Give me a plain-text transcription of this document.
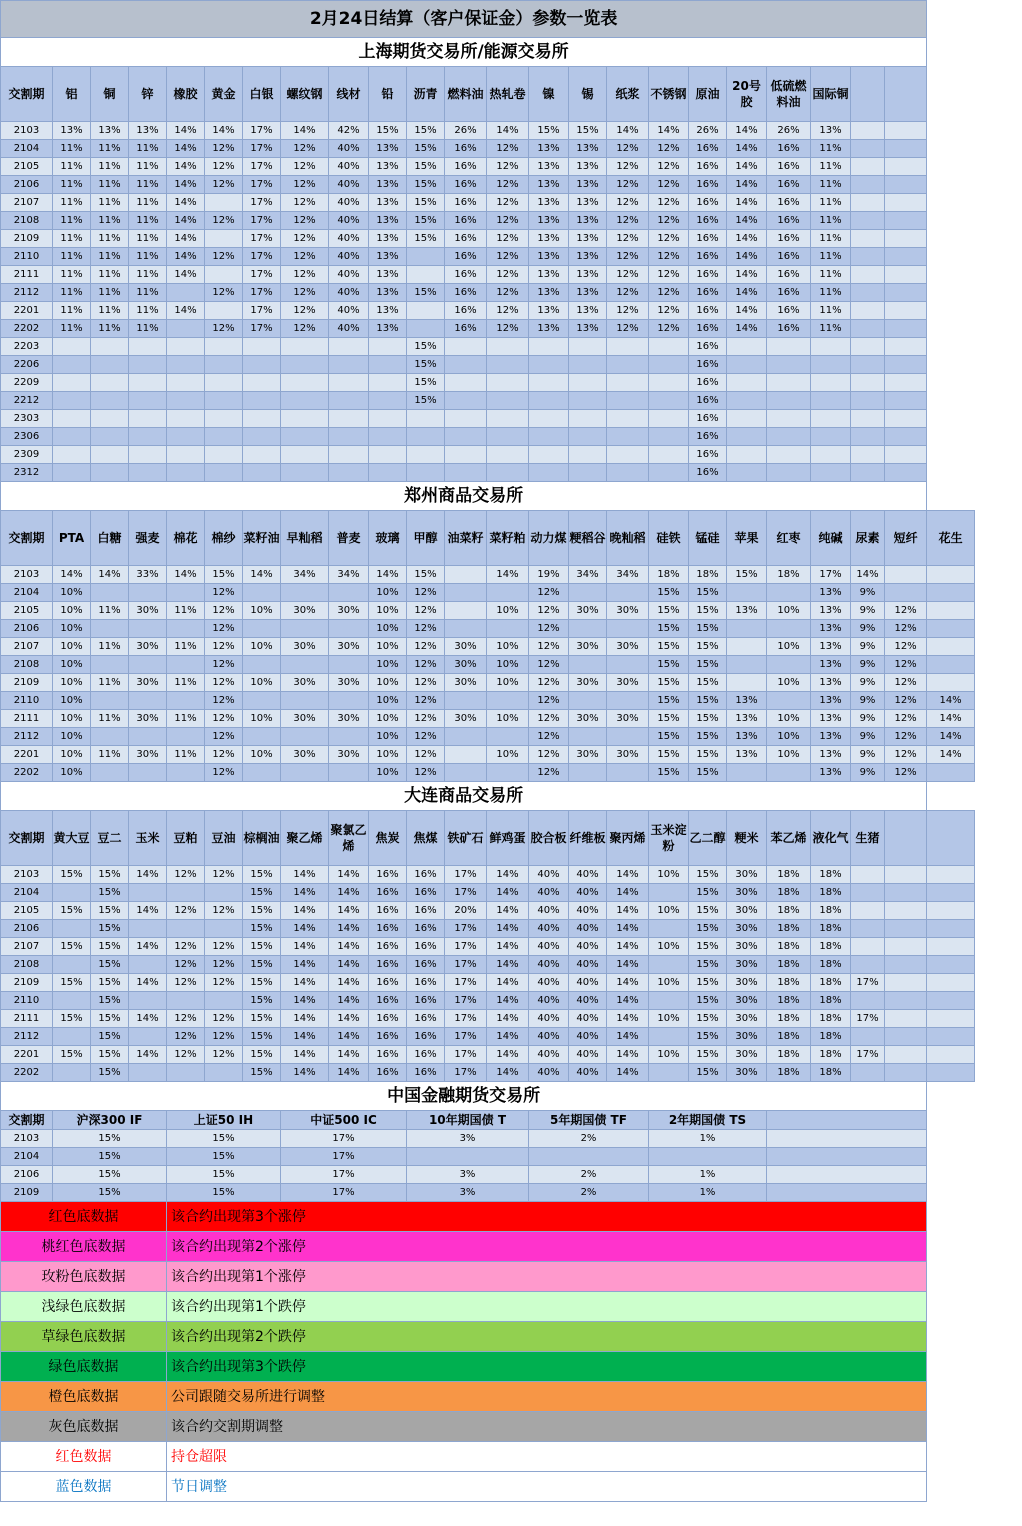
2月24日结算（客户保证金）参数一览表																							
上海期货交易所/能源交易所																							
交割期	铝	铜	锌	橡胶	黄金	白银	螺纹钢	线材	铅	沥青	燃料油	热轧卷	镍	锡	纸浆	不锈钢	原油	20号胶	低硫燃料油	国际铜			
2103	13%	13%	13%	14%	14%	17%	14%	42%	15%	15%	26%	14%	15%	15%	14%	14%	26%	14%	26%	13%			
2104	11%	11%	11%	14%	12%	17%	12%	40%	13%	15%	16%	12%	13%	13%	12%	12%	16%	14%	16%	11%			
2105	11%	11%	11%	14%	12%	17%	12%	40%	13%	15%	16%	12%	13%	13%	12%	12%	16%	14%	16%	11%			
2106	11%	11%	11%	14%	12%	17%	12%	40%	13%	15%	16%	12%	13%	13%	12%	12%	16%	14%	16%	11%			
2107	11%	11%	11%	14%		17%	12%	40%	13%	15%	16%	12%	13%	13%	12%	12%	16%	14%	16%	11%			
2108	11%	11%	11%	14%	12%	17%	12%	40%	13%	15%	16%	12%	13%	13%	12%	12%	16%	14%	16%	11%			
2109	11%	11%	11%	14%		17%	12%	40%	13%	15%	16%	12%	13%	13%	12%	12%	16%	14%	16%	11%			
2110	11%	11%	11%	14%	12%	17%	12%	40%	13%		16%	12%	13%	13%	12%	12%	16%	14%	16%	11%			
2111	11%	11%	11%	14%		17%	12%	40%	13%		16%	12%	13%	13%	12%	12%	16%	14%	16%	11%			
2112	11%	11%	11%		12%	17%	12%	40%	13%	15%	16%	12%	13%	13%	12%	12%	16%	14%	16%	11%			
2201	11%	11%	11%	14%		17%	12%	40%	13%		16%	12%	13%	13%	12%	12%	16%	14%	16%	11%			
2202	11%	11%	11%		12%	17%	12%	40%	13%		16%	12%	13%	13%	12%	12%	16%	14%	16%	11%			
2203										15%							16%						
2206										15%							16%						
2209										15%							16%						
2212										15%							16%						
2303																	16%						
2306																	16%						
2309																	16%						
2312																	16%						
郑州商品交易所																							
交割期	PTA	白糖	强麦	棉花	棉纱	菜籽油	早籼稻	普麦	玻璃	甲醇	油菜籽	菜籽粕	动力煤	粳稻谷	晚籼稻	硅铁	锰硅	苹果	红枣	纯碱	尿素	短纤	花生
2103	14%	14%	33%	14%	15%	14%	34%	34%	14%	15%		14%	19%	34%	34%	18%	18%	15%	18%	17%	14%		
2104	10%				12%				10%	12%			12%			15%	15%			13%	9%		
2105	10%	11%	30%	11%	12%	10%	30%	30%	10%	12%		10%	12%	30%	30%	15%	15%	13%	10%	13%	9%	12%	
2106	10%				12%				10%	12%			12%			15%	15%			13%	9%	12%	
2107	10%	11%	30%	11%	12%	10%	30%	30%	10%	12%	30%	10%	12%	30%	30%	15%	15%		10%	13%	9%	12%	
2108	10%				12%				10%	12%	30%	10%	12%			15%	15%			13%	9%	12%	
2109	10%	11%	30%	11%	12%	10%	30%	30%	10%	12%	30%	10%	12%	30%	30%	15%	15%		10%	13%	9%	12%	
2110	10%				12%				10%	12%			12%			15%	15%	13%		13%	9%	12%	14%
2111	10%	11%	30%	11%	12%	10%	30%	30%	10%	12%	30%	10%	12%	30%	30%	15%	15%	13%	10%	13%	9%	12%	14%
2112	10%				12%				10%	12%			12%			15%	15%	13%	10%	13%	9%	12%	14%
2201	10%	11%	30%	11%	12%	10%	30%	30%	10%	12%		10%	12%	30%	30%	15%	15%	13%	10%	13%	9%	12%	14%
2202	10%				12%				10%	12%			12%			15%	15%			13%	9%	12%	
大连商品交易所																							
交割期	黄大豆	豆二	玉米	豆粕	豆油	棕榈油	聚乙烯	聚氯乙烯	焦炭	焦煤	铁矿石	鲜鸡蛋	胶合板	纤维板	聚丙烯	玉米淀粉	乙二醇	粳米	苯乙烯	液化气	生猪		
2103	15%	15%	14%	12%	12%	15%	14%	14%	16%	16%	17%	14%	40%	40%	14%	10%	15%	30%	18%	18%			
2104		15%				15%	14%	14%	16%	16%	17%	14%	40%	40%	14%		15%	30%	18%	18%			
2105	15%	15%	14%	12%	12%	15%	14%	14%	16%	16%	20%	14%	40%	40%	14%	10%	15%	30%	18%	18%			
2106		15%				15%	14%	14%	16%	16%	17%	14%	40%	40%	14%		15%	30%	18%	18%			
2107	15%	15%	14%	12%	12%	15%	14%	14%	16%	16%	17%	14%	40%	40%	14%	10%	15%	30%	18%	18%			
2108		15%		12%	12%	15%	14%	14%	16%	16%	17%	14%	40%	40%	14%		15%	30%	18%	18%			
2109	15%	15%	14%	12%	12%	15%	14%	14%	16%	16%	17%	14%	40%	40%	14%	10%	15%	30%	18%	18%	17%		
2110		15%				15%	14%	14%	16%	16%	17%	14%	40%	40%	14%		15%	30%	18%	18%			
2111	15%	15%	14%	12%	12%	15%	14%	14%	16%	16%	17%	14%	40%	40%	14%	10%	15%	30%	18%	18%	17%		
2112		15%		12%	12%	15%	14%	14%	16%	16%	17%	14%	40%	40%	14%		15%	30%	18%	18%			
2201	15%	15%	14%	12%	12%	15%	14%	14%	16%	16%	17%	14%	40%	40%	14%	10%	15%	30%	18%	18%	17%		
2202		15%				15%	14%	14%	16%	16%	17%	14%	40%	40%	14%		15%	30%	18%	18%			
中国金融期货交易所																							
交割期	沪深300 IF			上证50 IH			中证500 IC			10年期国债 T			5年期国债 TF			2年期国债 TS							
2103	15%			15%			17%			3%			2%			1%							
2104	15%			15%			17%																
2106	15%			15%			17%			3%			2%			1%							
2109	15%			15%			17%			3%			2%			1%							
红色底数据				该合约出现第3个涨停																			
桃红色底数据				该合约出现第2个涨停																			
玫粉色底数据				该合约出现第1个涨停																			
浅绿色底数据				该合约出现第1个跌停																			
草绿色底数据				该合约出现第2个跌停																			
绿色底数据				该合约出现第3个跌停																			
橙色底数据				公司跟随交易所进行调整																			
灰色底数据				该合约交割期调整																			
红色数据				持仓超限																			
蓝色数据				节日调整																			
